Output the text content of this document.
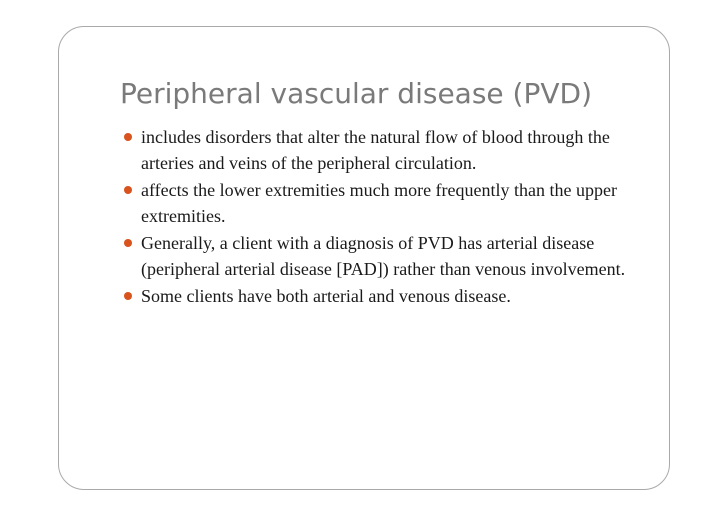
Peripheral vascular disease (PVD)
includes disorders that alter the natural flow of blood through the arteries and veins of the peripheral circulation.
affects the lower extremities much more frequently than the upper extremities.
Generally, a client with a diagnosis of PVD has arterial disease (peripheral arterial disease [PAD]) rather than venous involvement.
Some clients have both arterial and venous disease.
